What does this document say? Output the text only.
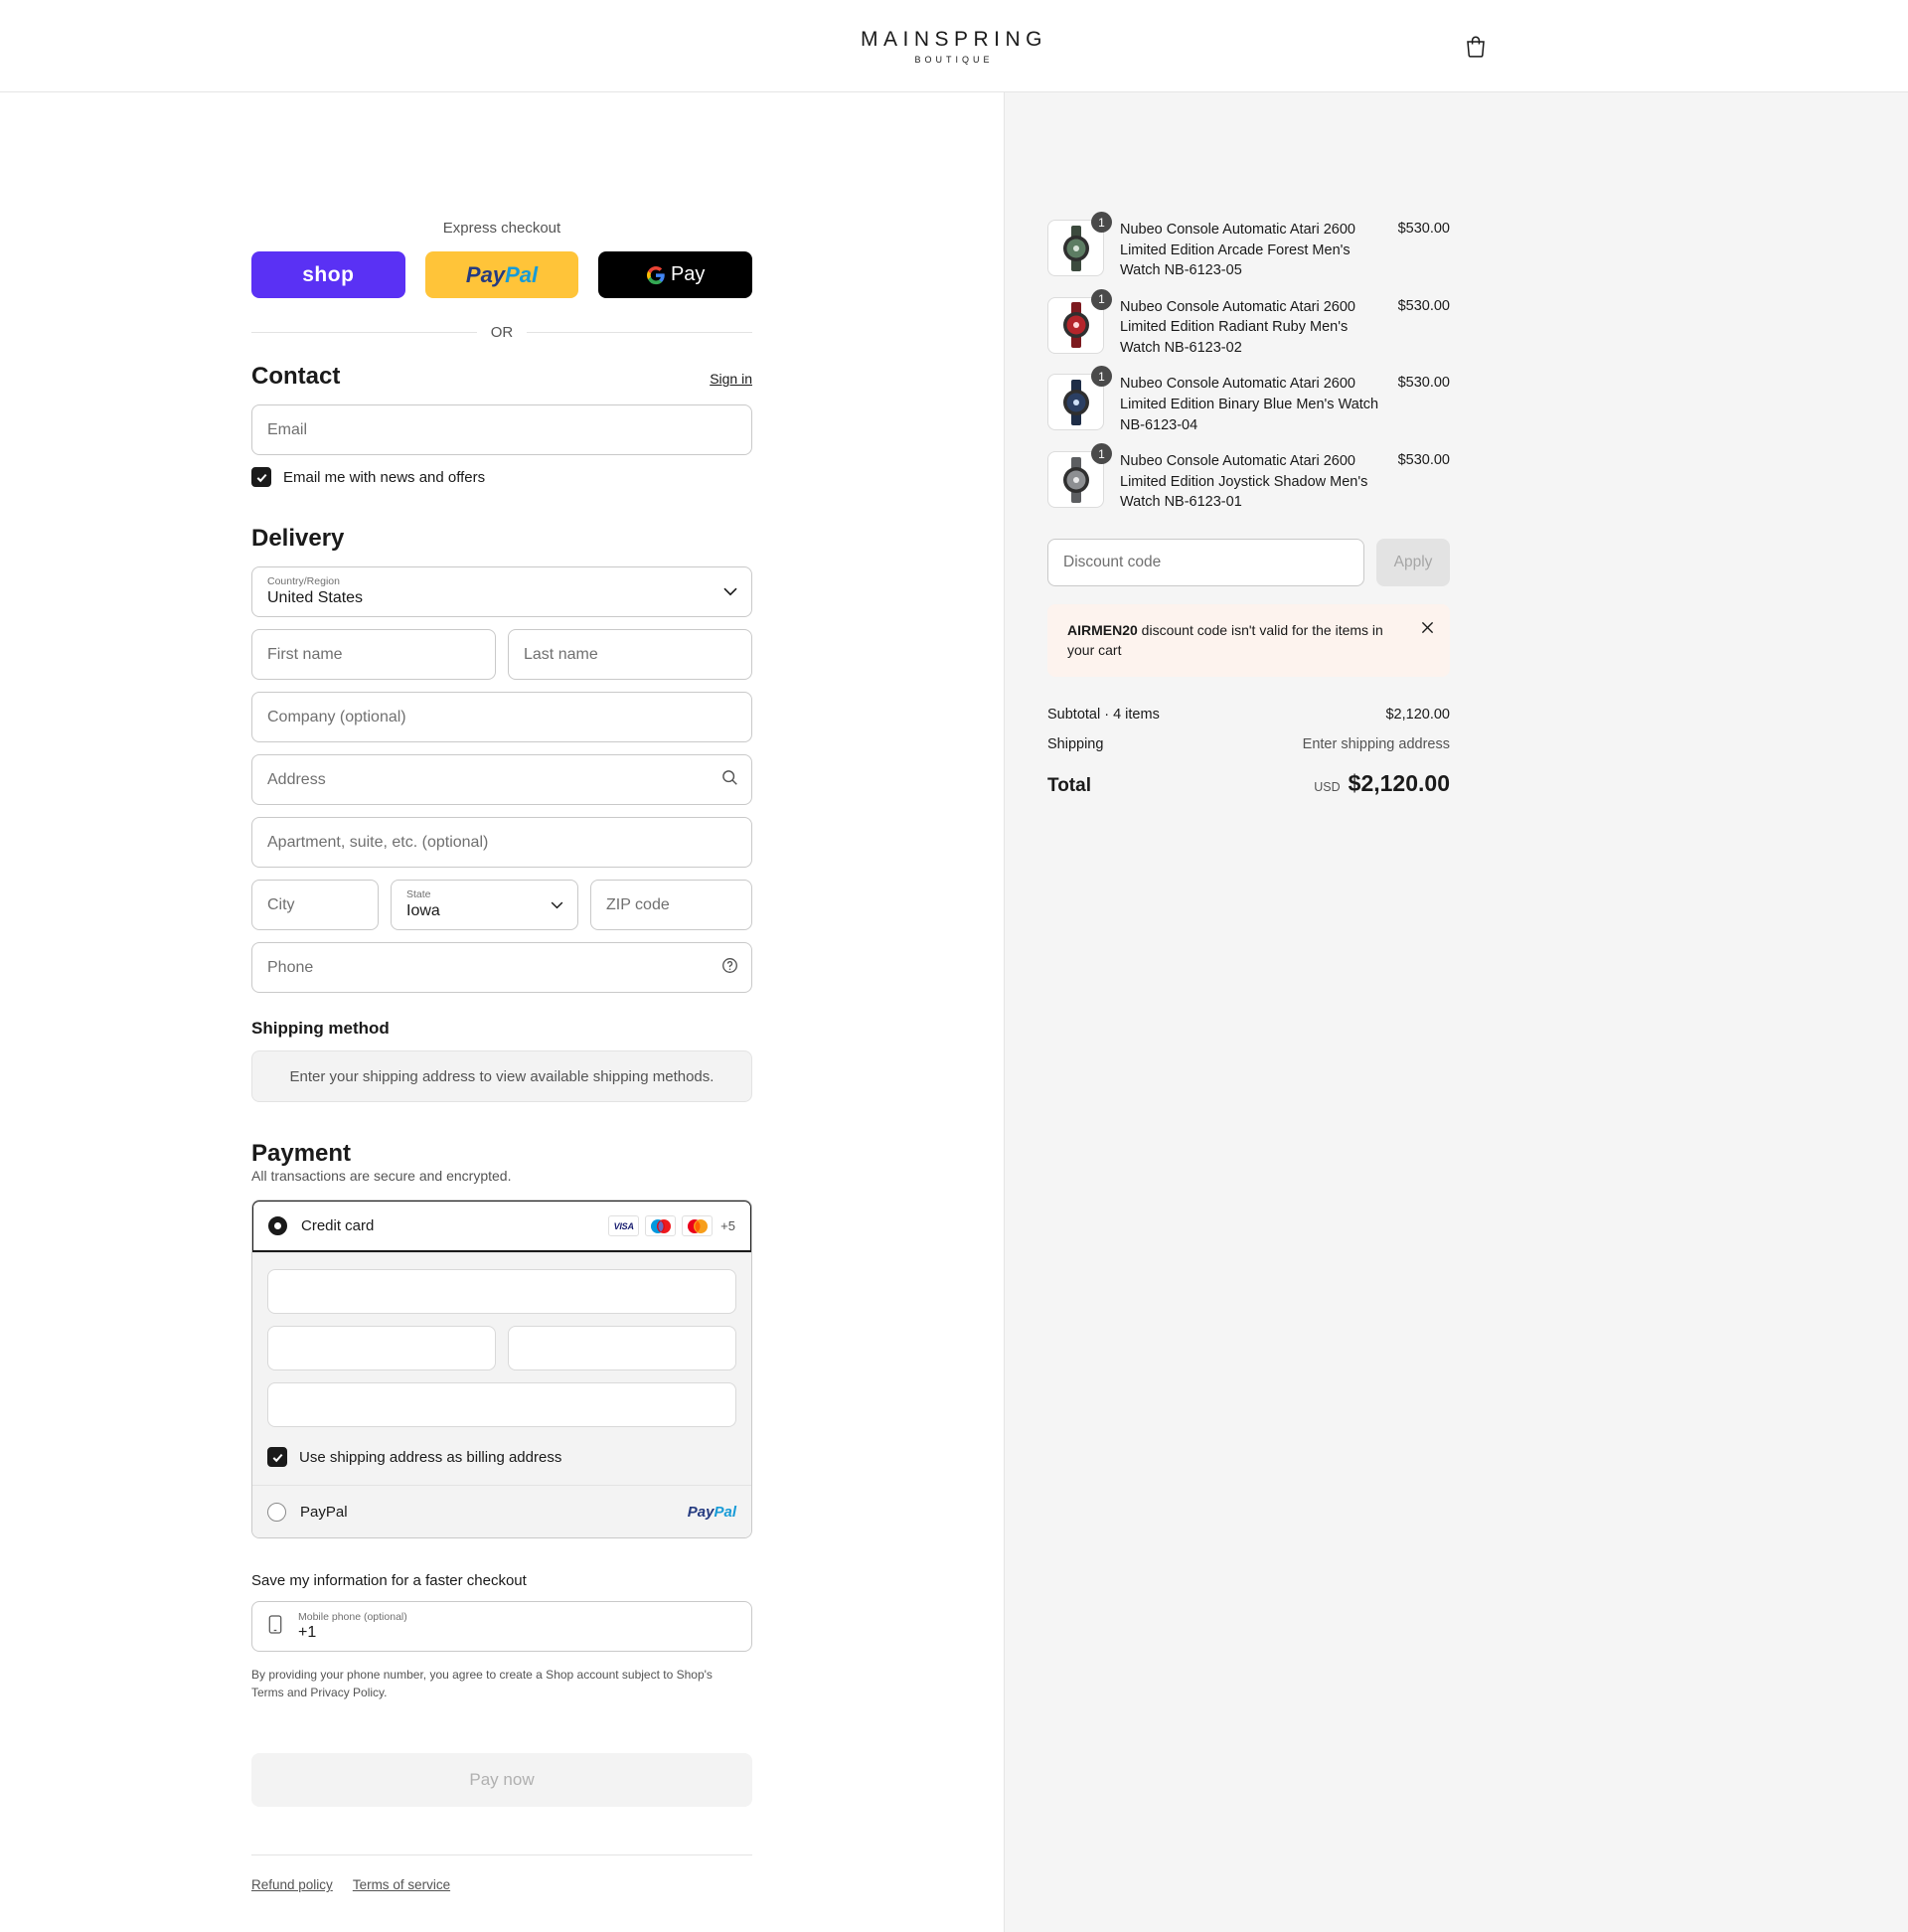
MAINSPRING
BOUTIQUE
Express checkout
shop	PayPal	Pay
OR
Contact	Sign in
Email
Email me with news and offers
Delivery
Country/Region
United States
First name
Last name
Company (optional)
Address
Apartment, suite, etc. (optional)
City
State
Iowa
ZIP code
Phone
Shipping method
Enter your shipping address to view available shipping methods.
Payment
All transactions are secure and encrypted.
Credit card	VISA	+5
Use shipping address as billing address
PayPal	PayPal
Save my information for a faster checkout
Mobile phone (optional)
+1
By providing your phone number, you agree to create a Shop account subject to Shop's Terms and Privacy Policy.
Pay now
Refund policy Terms of service
1	Nubeo Console Automatic Atari 2600 Limited Edition Arcade Forest Men's Watch NB-6123-05
$530.00
1	Nubeo Console Automatic Atari 2600 Limited Edition Radiant Ruby Men's Watch NB-6123-02
$530.00
1	Nubeo Console Automatic Atari 2600 Limited Edition Binary Blue Men's Watch NB-6123-04
$530.00
1	Nubeo Console Automatic Atari 2600 Limited Edition Joystick Shadow Men's Watch NB-6123-01
$530.00
Discount code
Apply
AIRMEN20 discount code isn't valid for the items in your cart
Subtotal · 4 items	$2,120.00
Shipping	Enter shipping address
Total	USD $2,120.00
